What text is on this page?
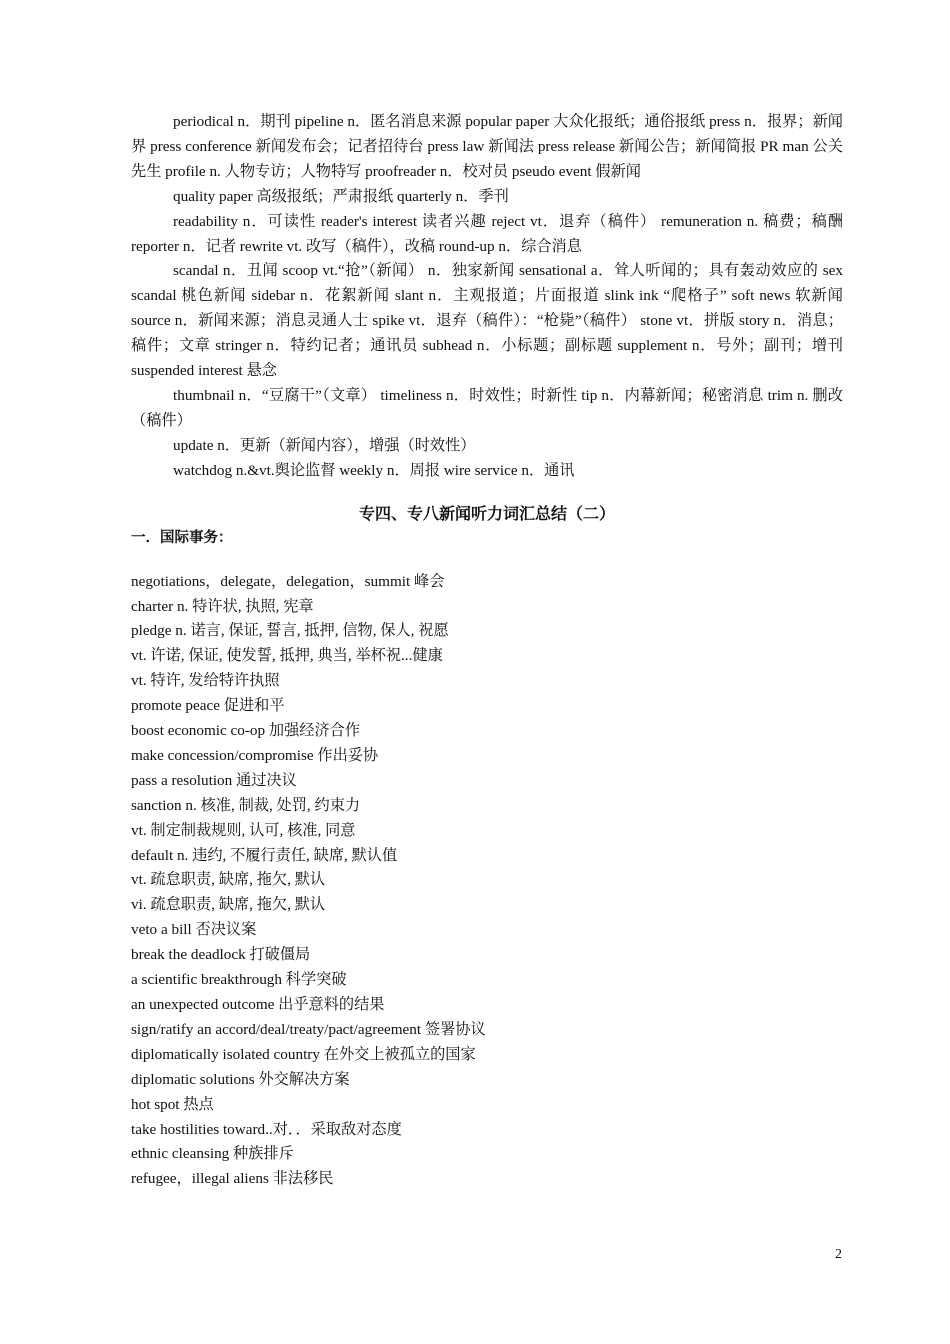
periodical n．期刊 pipeline n．匿名消息来源 popular paper 大众化报纸；通俗报纸 press n．报界；新闻界 press conference 新闻发布会；记者招待台 press law 新闻法 press release 新闻公告；新闻简报 PR man 公关先生 profile n. 人物专访；人物特写 proofreader n．校对员 pseudo event 假新闻

quality paper 高级报纸；严肃报纸 quarterly n．季刊

readability n．可读性 reader's interest 读者兴趣 reject vt．退弃（稿件） remuneration n. 稿费；稿酬 reporter n．记者 rewrite vt. 改写（稿件），改稿 round-up n．综合消息

scandal n．丑闻 scoop vt.“抢”（新闻） n．独家新闻 sensational a．耸人听闻的；具有轰动效应的 sex scandal 桃色新闻 sidebar n．花絮新闻 slant n．主观报道；片面报道 slink ink “爬格子” soft news 软新闻 source n．新闻来源；消息灵通人士 spike vt．退弃（稿件）：“枪毙”（稿件） stone vt．拼版 story n．消息；稿件；文章 stringer n．特约记者；通讯员 subhead n．小标题；副标题 supplement n．号外；副刊；增刊 suspended interest 悬念

thumbnail n．“豆腐干”（文章） timeliness n．时效性；时新性 tip n．内幕新闻；秘密消息 trim n. 删改（稿件）

update n．更新（新闻内容），增强（时效性）

watchdog n.&vt.舆论监督 weekly n．周报 wire service n．通讯

专四、专八新闻听力词汇总结（二）
一．国际事务：
negotiations，delegate，delegation，summit 峰会
charter n. 特许状, 执照, 宪章
pledge n. 诺言, 保证, 誓言, 抵押, 信物, 保人, 祝愿
vt. 许诺, 保证, 使发誓, 抵押, 典当, 举杯祝...健康
vt. 特许, 发给特许执照
promote peace 促进和平
boost economic co-op 加强经济合作
make concession/compromise 作出妥协
pass a resolution 通过决议
sanction n. 核准, 制裁, 处罚, 约束力
vt. 制定制裁规则, 认可, 核准, 同意
default n. 违约, 不履行责任, 缺席, 默认值
vt. 疏怠职责, 缺席, 拖欠, 默认
vi. 疏怠职责, 缺席, 拖欠, 默认
veto a bill 否决议案
break the deadlock 打破僵局
a scientific breakthrough 科学突破
an unexpected outcome 出乎意料的结果
sign/ratify an accord/deal/treaty/pact/agreement 签署协议
diplomatically isolated country 在外交上被孤立的国家
diplomatic solutions 外交解决方案
hot spot 热点
take hostilities toward..对．．采取敌对态度
ethnic cleansing 种族排斥
refugee，illegal aliens 非法移民
2
